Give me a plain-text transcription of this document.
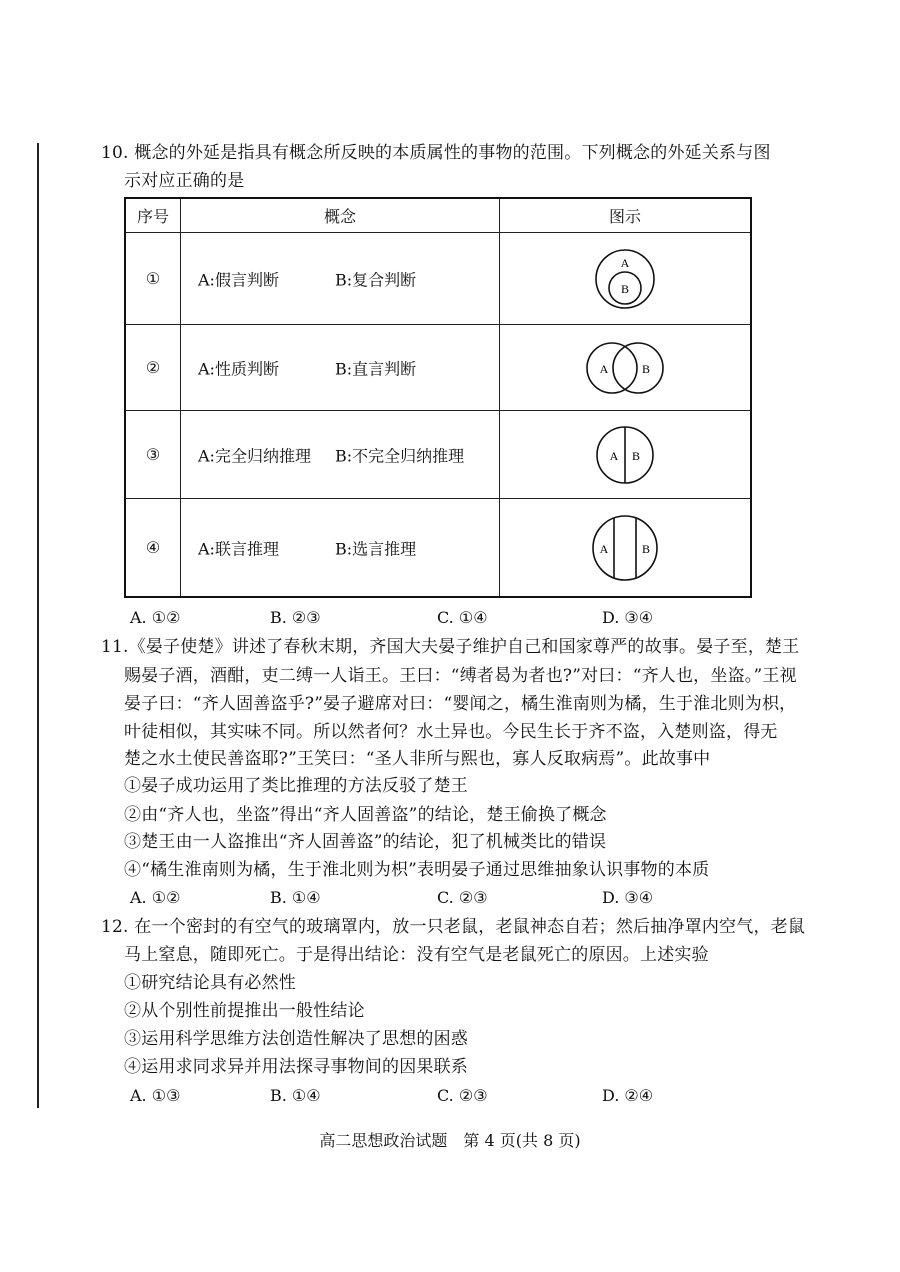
10. 概念的外延是指具有概念所反映的本质属性的事物的范围。下列概念的外延关系与图
示对应正确的是
序号	概念	图示
①	A:假言判断 B:复合判断	A
B

②	A:性质判断 B:直言判断	A B

③	A:完全归纳推理 B:不完全归纳推理	A B

④	A:联言推理 B:选言推理	A B
A. ①②	B. ②③	C. ①④	D. ③④
11.《晏子使楚》讲述了春秋末期，齐国大夫晏子维护自己和国家尊严的故事。晏子至，楚王
赐晏子酒，酒酣，吏二缚一人诣王。王曰：“缚者曷为者也?”对曰：“齐人也，坐盗。”王视
晏子曰：“齐人固善盗乎?”晏子避席对曰：“婴闻之，橘生淮南则为橘，生于淮北则为枳，
叶徒相似，其实味不同。所以然者何？水土异也。今民生长于齐不盗，入楚则盗，得无
楚之水土使民善盗耶?”王笑曰：“圣人非所与熙也，寡人反取病焉”。此故事中
①晏子成功运用了类比推理的方法反驳了楚王
②由“齐人也，坐盗”得出“齐人固善盗”的结论，楚王偷换了概念
③楚王由一人盗推出“齐人固善盗”的结论，犯了机械类比的错误
④“橘生淮南则为橘，生于淮北则为枳”表明晏子通过思维抽象认识事物的本质
A. ①②	B. ①④	C. ②③	D. ③④
12. 在一个密封的有空气的玻璃罩内，放一只老鼠，老鼠神态自若；然后抽净罩内空气，老鼠
马上窒息，随即死亡。于是得出结论：没有空气是老鼠死亡的原因。上述实验
①研究结论具有必然性
②从个别性前提推出一般性结论
③运用科学思维方法创造性解决了思想的困惑
④运用求同求异并用法探寻事物间的因果联系
A. ①③	B. ①④	C. ②③	D. ②④
高二思想政治试题　第 4 页(共 8 页)
